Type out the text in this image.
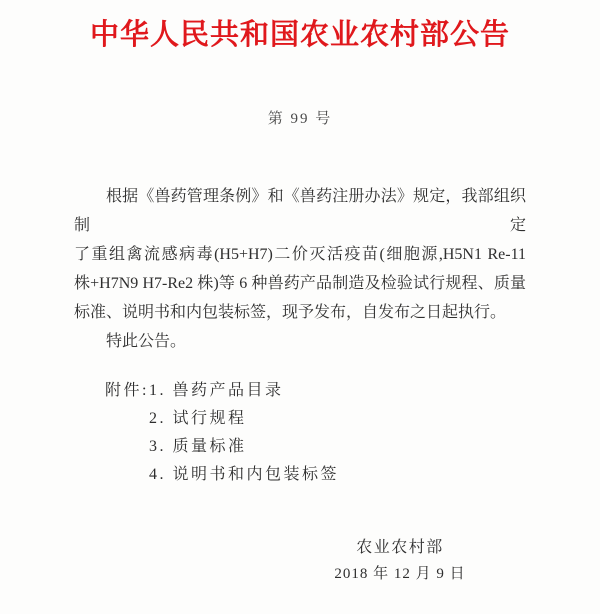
中华人民共和国农业农村部公告
第 99 号
根据《兽药管理条例》和《兽药注册办法》规定，我部组织制定
了重组禽流感病毒(H5+H7)二价灭活疫苗(细胞源,H5N1 Re-11
株+H7N9 H7-Re2 株)等 6 种兽药产品制造及检验试行规程、质量
标准、说明书和内包装标签，现予发布，自发布之日起执行。
特此公告。
附件:1. 兽药产品目录
2. 试行规程
3. 质量标准
4. 说明书和内包装标签
农业农村部
2018 年 12 月 9 日
